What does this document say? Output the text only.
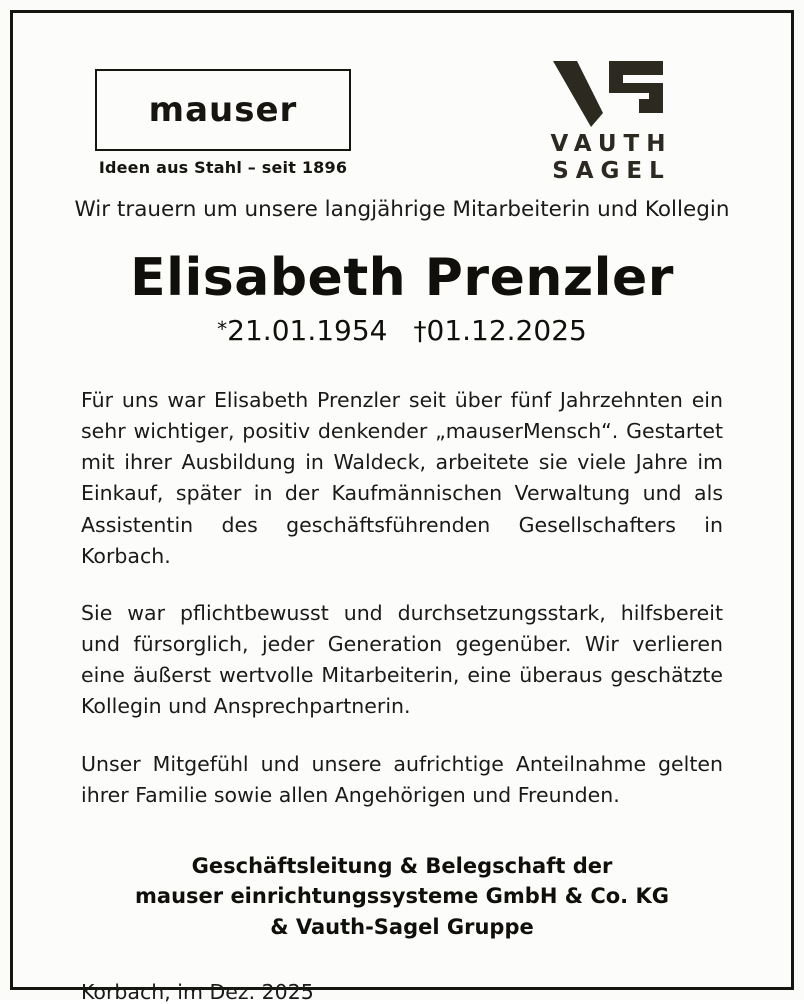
mauser
Ideen aus Stahl – seit 1896
VAUTH
SAGEL
Wir trauern um unsere langjährige Mitarbeiterin und Kollegin
Elisabeth Prenzler
*21.01.1954 †01.12.2025

Für uns war Elisabeth Prenzler seit über fünf Jahrzehnten ein sehr wichtiger, positiv denkender „mauserMensch“. Gestartet mit ihrer Ausbildung in Waldeck, arbeitete sie viele Jahre im Einkauf, später in der Kaufmännischen Verwaltung und als Assistentin des geschäftsführenden Gesellschafters in Korbach.

Sie war pflichtbewusst und durchsetzungsstark, hilfsbereit und fürsorglich, jeder Generation gegenüber. Wir verlieren eine äußerst wertvolle Mitarbeiterin, eine überaus geschätzte Kollegin und Ansprechpartnerin.

Unser Mitgefühl und unsere aufrichtige Anteilnahme gelten ihrer Familie sowie allen Angehörigen und Freunden.

Geschäftsleitung & Belegschaft der
mauser einrichtungssysteme GmbH & Co. KG
& Vauth-Sagel Gruppe
Korbach, im Dez. 2025
